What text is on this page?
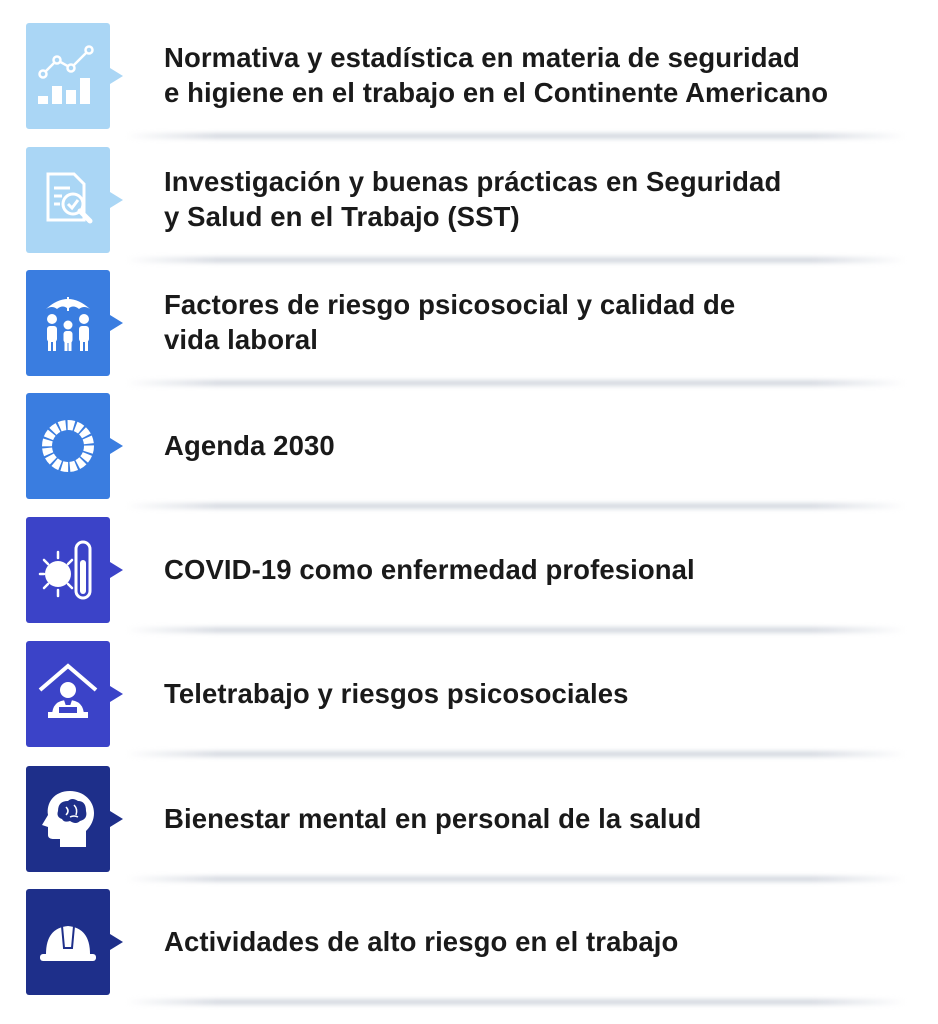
Normativa y estadística en materia de seguridad
e higiene en el trabajo en el Continente Americano
Investigación y buenas prácticas en Seguridad
y Salud en el Trabajo (SST)
Factores de riesgo psicosocial y calidad de
vida laboral
Agenda 2030
COVID-19 como enfermedad profesional
Teletrabajo y riesgos psicosociales
Bienestar mental en personal de la salud
Actividades de alto riesgo en el trabajo
